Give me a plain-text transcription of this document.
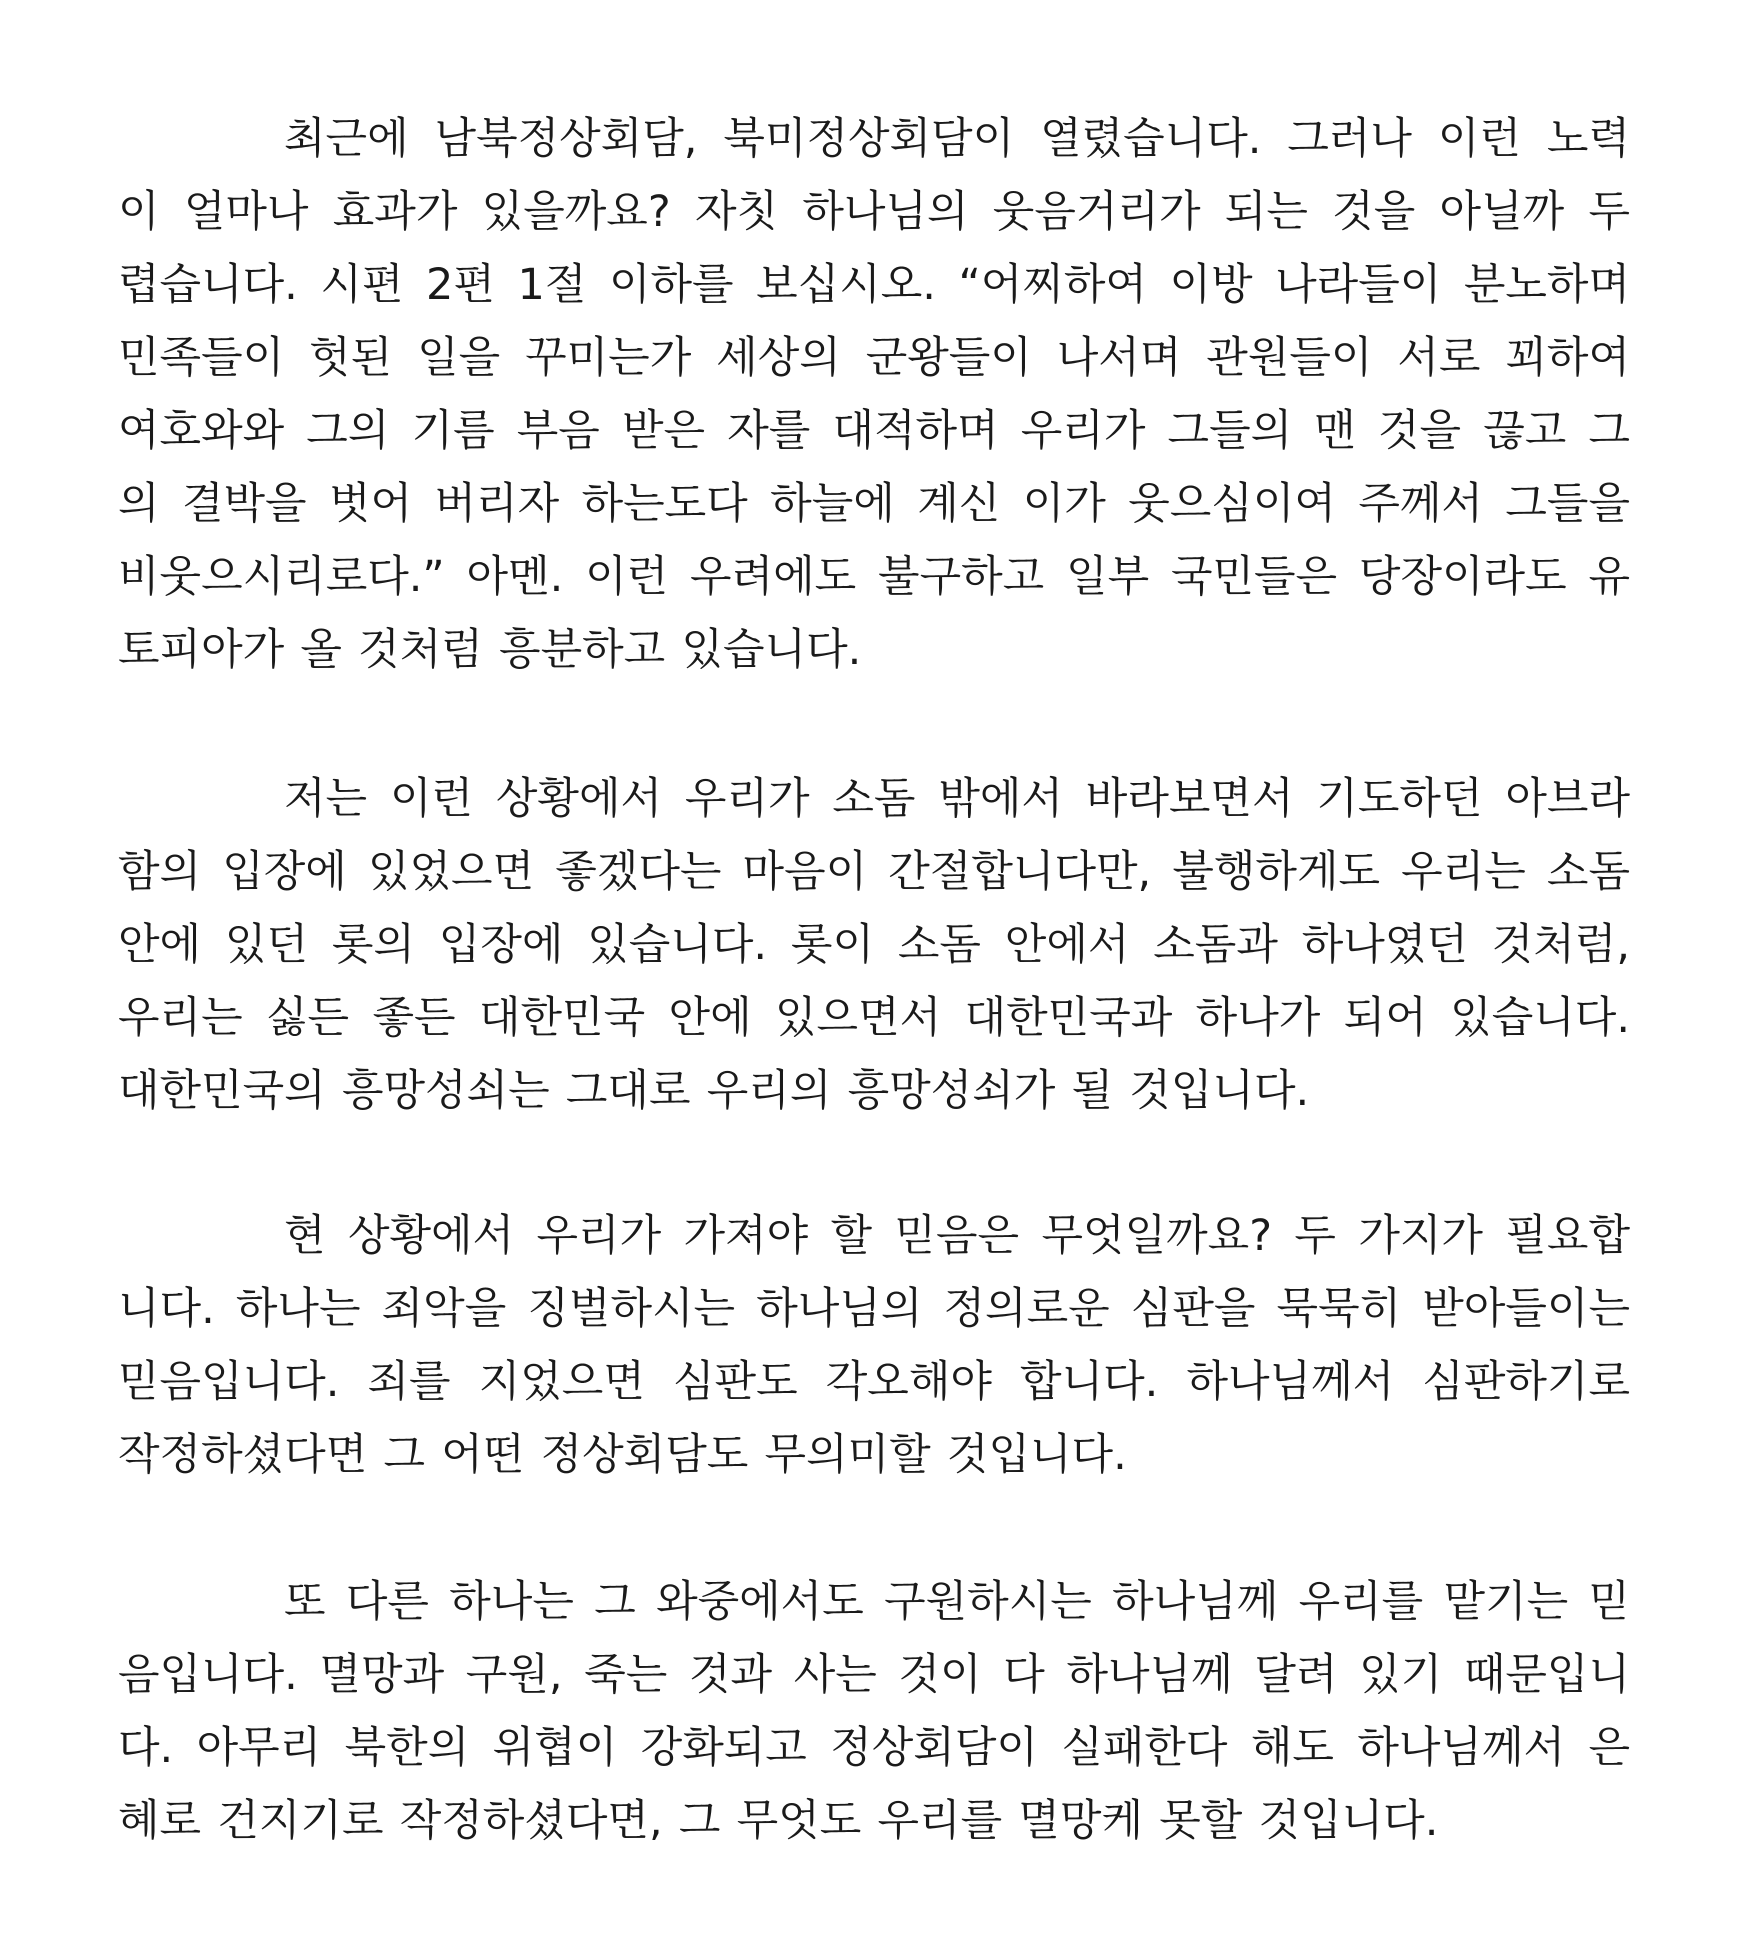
최근에 남북정상회담, 북미정상회담이 열렸습니다. 그러나 이런 노력
이 얼마나 효과가 있을까요? 자칫 하나님의 웃음거리가 되는 것을 아닐까 두
렵습니다. 시편 2편 1절 이하를 보십시오. “어찌하여 이방 나라들이 분노하며
민족들이 헛된 일을 꾸미는가 세상의 군왕들이 나서며 관원들이 서로 꾀하여
여호와와 그의 기름 부음 받은 자를 대적하며 우리가 그들의 맨 것을 끊고 그
의 결박을 벗어 버리자 하는도다 하늘에 계신 이가 웃으심이여 주께서 그들을
비웃으시리로다.” 아멘. 이런 우려에도 불구하고 일부 국민들은 당장이라도 유
토피아가 올 것처럼 흥분하고 있습니다.
저는 이런 상황에서 우리가 소돔 밖에서 바라보면서 기도하던 아브라
함의 입장에 있었으면 좋겠다는 마음이 간절합니다만, 불행하게도 우리는 소돔
안에 있던 롯의 입장에 있습니다. 롯이 소돔 안에서 소돔과 하나였던 것처럼,
우리는 싫든 좋든 대한민국 안에 있으면서 대한민국과 하나가 되어 있습니다.
대한민국의 흥망성쇠는 그대로 우리의 흥망성쇠가 될 것입니다.
현 상황에서 우리가 가져야 할 믿음은 무엇일까요? 두 가지가 필요합
니다. 하나는 죄악을 징벌하시는 하나님의 정의로운 심판을 묵묵히 받아들이는
믿음입니다. 죄를 지었으면 심판도 각오해야 합니다. 하나님께서 심판하기로
작정하셨다면 그 어떤 정상회담도 무의미할 것입니다.
또 다른 하나는 그 와중에서도 구원하시는 하나님께 우리를 맡기는 믿
음입니다. 멸망과 구원, 죽는 것과 사는 것이 다 하나님께 달려 있기 때문입니
다. 아무리 북한의 위협이 강화되고 정상회담이 실패한다 해도 하나님께서 은
혜로 건지기로 작정하셨다면, 그 무엇도 우리를 멸망케 못할 것입니다.
